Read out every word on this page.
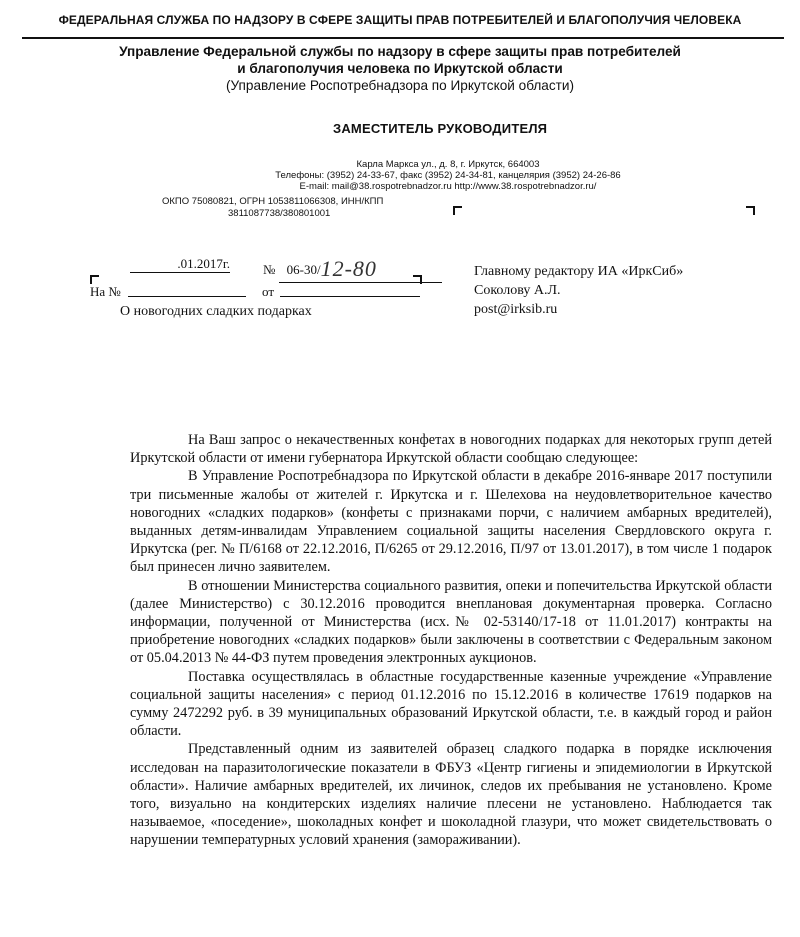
ФЕДЕРАЛЬНАЯ СЛУЖБА ПО НАДЗОРУ В СФЕРЕ ЗАЩИТЫ ПРАВ ПОТРЕБИТЕЛЕЙ И БЛАГОПОЛУЧИЯ ЧЕЛОВЕКА
Управление Федеральной службы по надзору в сфере защиты прав потребителей
и благополучия человека по Иркутской области
(Управление Роспотребнадзора по Иркутской области)
ЗАМЕСТИТЕЛЬ РУКОВОДИТЕЛЯ
Карла Маркса ул., д. 8, г. Иркутск, 664003
Телефоны: (3952) 24-33-67, факс (3952) 24-34-81, канцелярия (3952) 24-26-86
E-mail: mail@38.rospotrebnadzor.ru http://www.38.rospotrebnadzor.ru/
ОКПО 75080821, ОГРН 1053811066308, ИНН/КПП
3811087738/380801001
.01.2017г.	№ 06-30/12-80
На №	от
О новогодних сладких подарках
Главному редактору ИА «ИркСиб»
Соколову А.Л.
post@irksib.ru

На Ваш запрос о некачественных конфетах в новогодних подарках для некоторых групп детей Иркутской области от имени губернатора Иркутской области сообщаю следующее:

В Управление Роспотребнадзора по Иркутской области в декабре 2016-январе 2017 поступили три письменные жалобы от жителей г. Иркутска и г. Шелехова на неудовлетворительное качество новогодних «сладких подарков» (конфеты с признаками порчи, с наличием амбарных вредителей), выданных детям-инвалидам Управлением социальной защиты населения Свердловского округа г. Иркутска (рег. № П/6168 от 22.12.2016, П/6265 от 29.12.2016, П/97 от 13.01.2017), в том числе 1 подарок был принесен лично заявителем.

В отношении Министерства социального развития, опеки и попечительства Иркутской области (далее Министерство) с 30.12.2016 проводится внеплановая документарная проверка. Согласно информации, полученной от Министерства (исх.№ 02-53140/17-18 от 11.01.2017) контракты на приобретение новогодних «сладких подарков» были заключены в соответствии с Федеральным законом от 05.04.2013 № 44-ФЗ путем проведения электронных аукционов.

Поставка осуществлялась в областные государственные казенные учреждение «Управление социальной защиты населения» с период 01.12.2016 по 15.12.2016 в количестве 17619 подарков на сумму 2472292 руб. в 39 муниципальных образований Иркутской области, т.е. в каждый город и район области.

Представленный одним из заявителей образец сладкого подарка в порядке исключения исследован на паразитологические показатели в ФБУЗ «Центр гигиены и эпидемиологии в Иркутской области». Наличие амбарных вредителей, их личинок, следов их пребывания не установлено. Кроме того, визуально на кондитерских изделиях наличие плесени не установлено. Наблюдается так называемое, «поседение», шоколадных конфет и шоколадной глазури, что может свидетельствовать о нарушении температурных условий хранения (замораживании).
